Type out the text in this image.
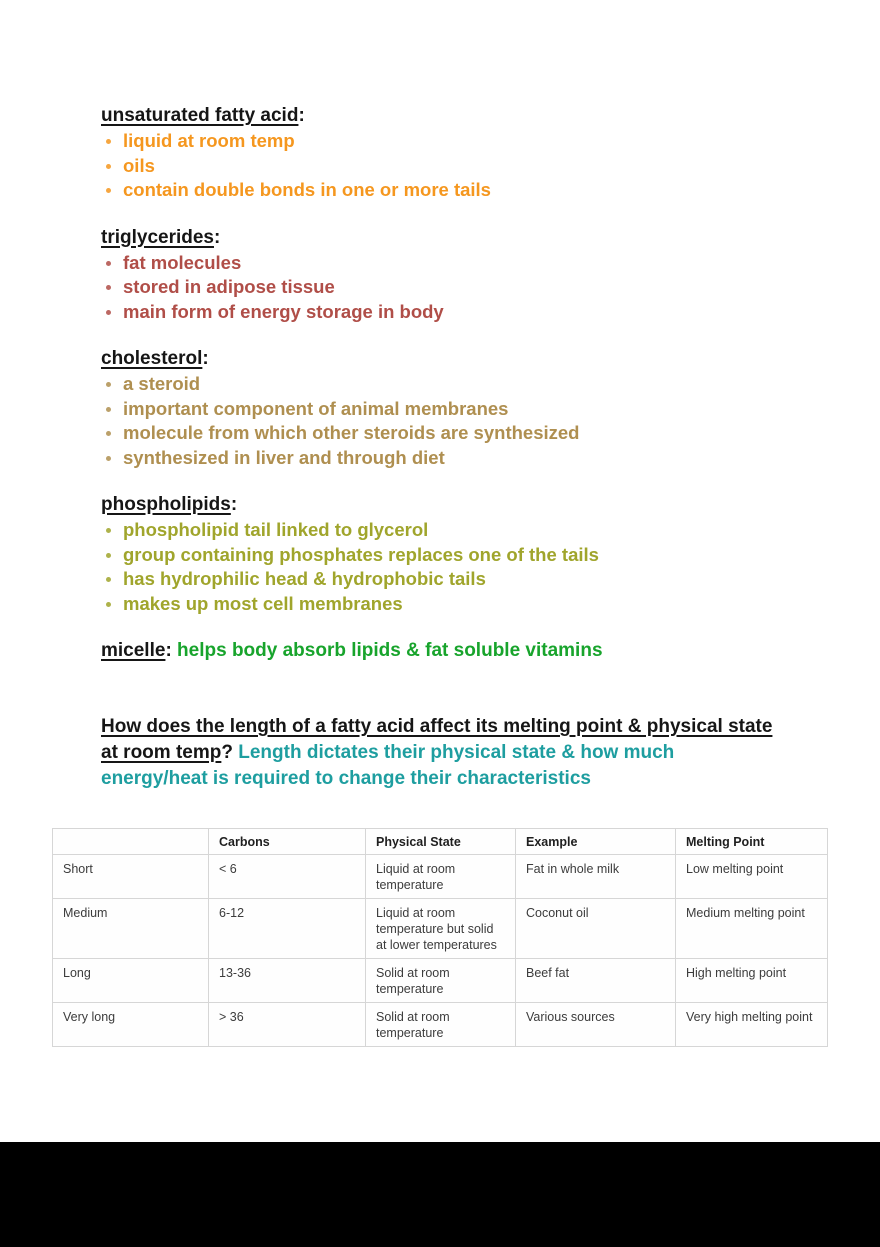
unsaturated fatty acid:
liquid at room temp
oils
contain double bonds in one or more tails
triglycerides:
fat molecules
stored in adipose tissue
main form of energy storage in body
cholesterol:
a steroid
important component of animal membranes
molecule from which other steroids are synthesized
synthesized in liver and through diet
phospholipids:
phospholipid tail linked to glycerol
group containing phosphates replaces one of the tails
has hydrophilic head & hydrophobic tails
makes up most cell membranes
micelle: helps body absorb lipids & fat soluble vitamins
How does the length of a fatty acid affect its melting point & physical state at room temp? Length dictates their physical state & how much energy/heat is required to change their characteristics
	Carbons	Physical State	Example	Melting Point
Short	< 6	Liquid at room temperature	Fat in whole milk	Low melting point
Medium	6-12	Liquid at room temperature but solid at lower temperatures	Coconut oil	Medium melting point
Long	13-36	Solid at room temperature	Beef fat	High melting point
Very long	> 36	Solid at room temperature	Various sources	Very high melting point
